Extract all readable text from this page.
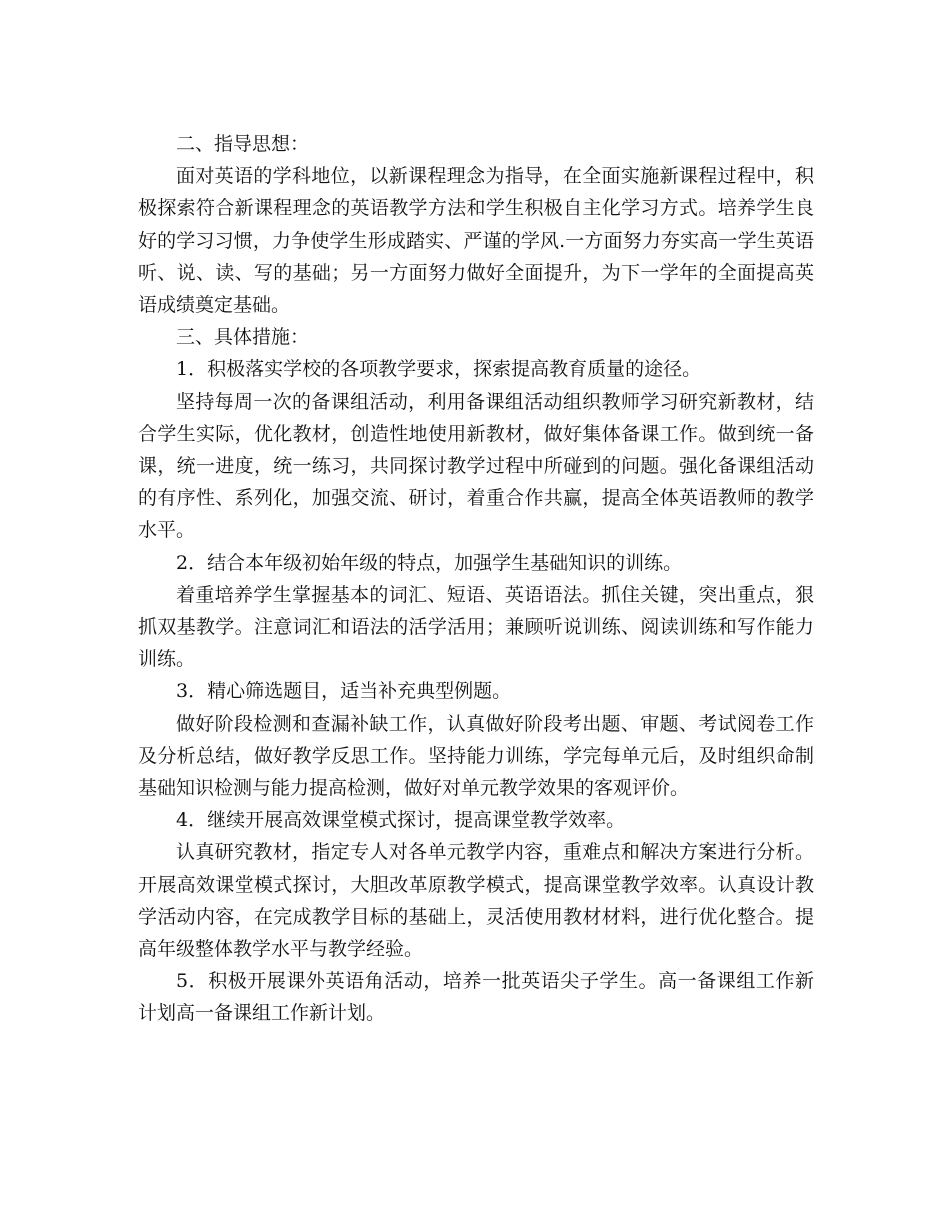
二、指导思想：

面对英语的学科地位，以新课程理念为指导，在全面实施新课程过程中，积极探索符合新课程理念的英语教学方法和学生积极自主化学习方式。培养学生良好的学习习惯，力争使学生形成踏实、严谨的学风.一方面努力夯实高一学生英语听、说、读、写的基础；另一方面努力做好全面提升，为下一学年的全面提高英语成绩奠定基础。

三、具体措施：

1．积极落实学校的各项教学要求，探索提高教育质量的途径。

坚持每周一次的备课组活动，利用备课组活动组织教师学习研究新教材，结合学生实际，优化教材，创造性地使用新教材，做好集体备课工作。做到统一备课，统一进度，统一练习，共同探讨教学过程中所碰到的问题。强化备课组活动的有序性、系列化，加强交流、研讨，着重合作共赢，提高全体英语教师的教学水平。

2．结合本年级初始年级的特点，加强学生基础知识的训练。

着重培养学生掌握基本的词汇、短语、英语语法。抓住关键，突出重点，狠抓双基教学。注意词汇和语法的活学活用；兼顾听说训练、阅读训练和写作能力训练。

3．精心筛选题目，适当补充典型例题。

做好阶段检测和查漏补缺工作，认真做好阶段考出题、审题、考试阅卷工作及分析总结，做好教学反思工作。坚持能力训练，学完每单元后，及时组织命制基础知识检测与能力提高检测，做好对单元教学效果的客观评价。

4．继续开展高效课堂模式探讨，提高课堂教学效率。

认真研究教材，指定专人对各单元教学内容，重难点和解决方案进行分析。开展高效课堂模式探讨，大胆改革原教学模式，提高课堂教学效率。认真设计教学活动内容，在完成教学目标的基础上，灵活使用教材材料，进行优化整合。提高年级整体教学水平与教学经验。

5．积极开展课外英语角活动，培养一批英语尖子学生。高一备课组工作新计划高一备课组工作新计划。
